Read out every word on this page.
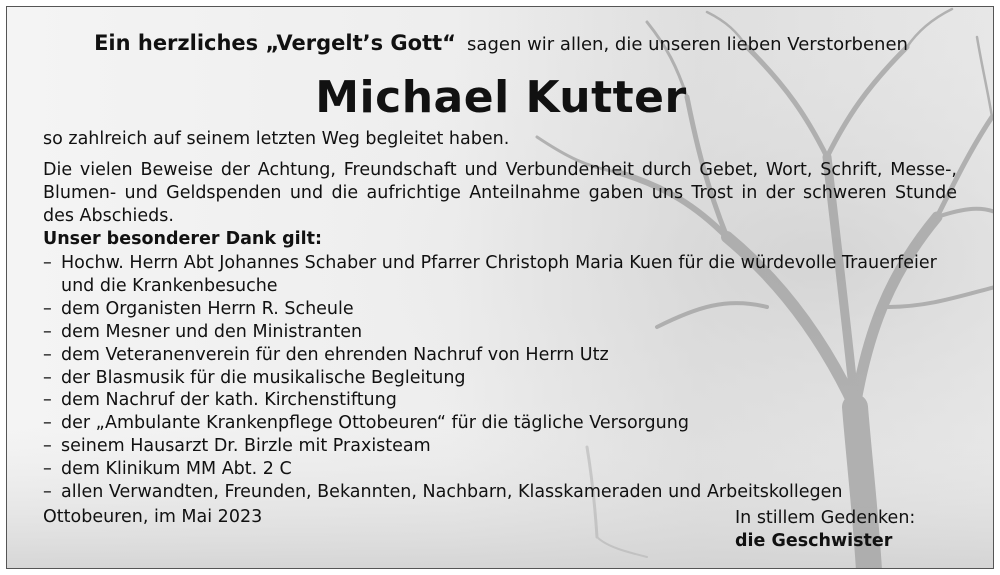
Ein herzliches „Vergelt’s Gott“ sagen wir allen, die unseren lieben Verstorbenen
Michael Kutter
so zahlreich auf seinem letzten Weg begleitet haben.
Die vielen Beweise der Achtung, Freundschaft und Verbundenheit durch Gebet, Wort, Schrift, Messe-, Blumen- und Geldspenden und die aufrichtige Anteilnahme gaben uns Trost in der schweren Stunde des Abschieds.
Unser besonderer Dank gilt:
– Hochw. Herrn Abt Johannes Schaber und Pfarrer Christoph Maria Kuen für die würdevolle Trauerfeier und die Krankenbesuche
– dem Organisten Herrn R. Scheule
– dem Mesner und den Ministranten
– dem Veteranenverein für den ehrenden Nachruf von Herrn Utz
– der Blasmusik für die musikalische Begleitung
– dem Nachruf der kath. Kirchenstiftung
– der „Ambulante Krankenpflege Ottobeuren“ für die tägliche Versorgung
– seinem Hausarzt Dr. Birzle mit Praxisteam
– dem Klinikum MM Abt. 2 C
– allen Verwandten, Freunden, Bekannten, Nachbarn, Klasskameraden und Arbeitskollegen
Ottobeuren, im Mai 2023	In stillem Gedenken:
die Geschwister
